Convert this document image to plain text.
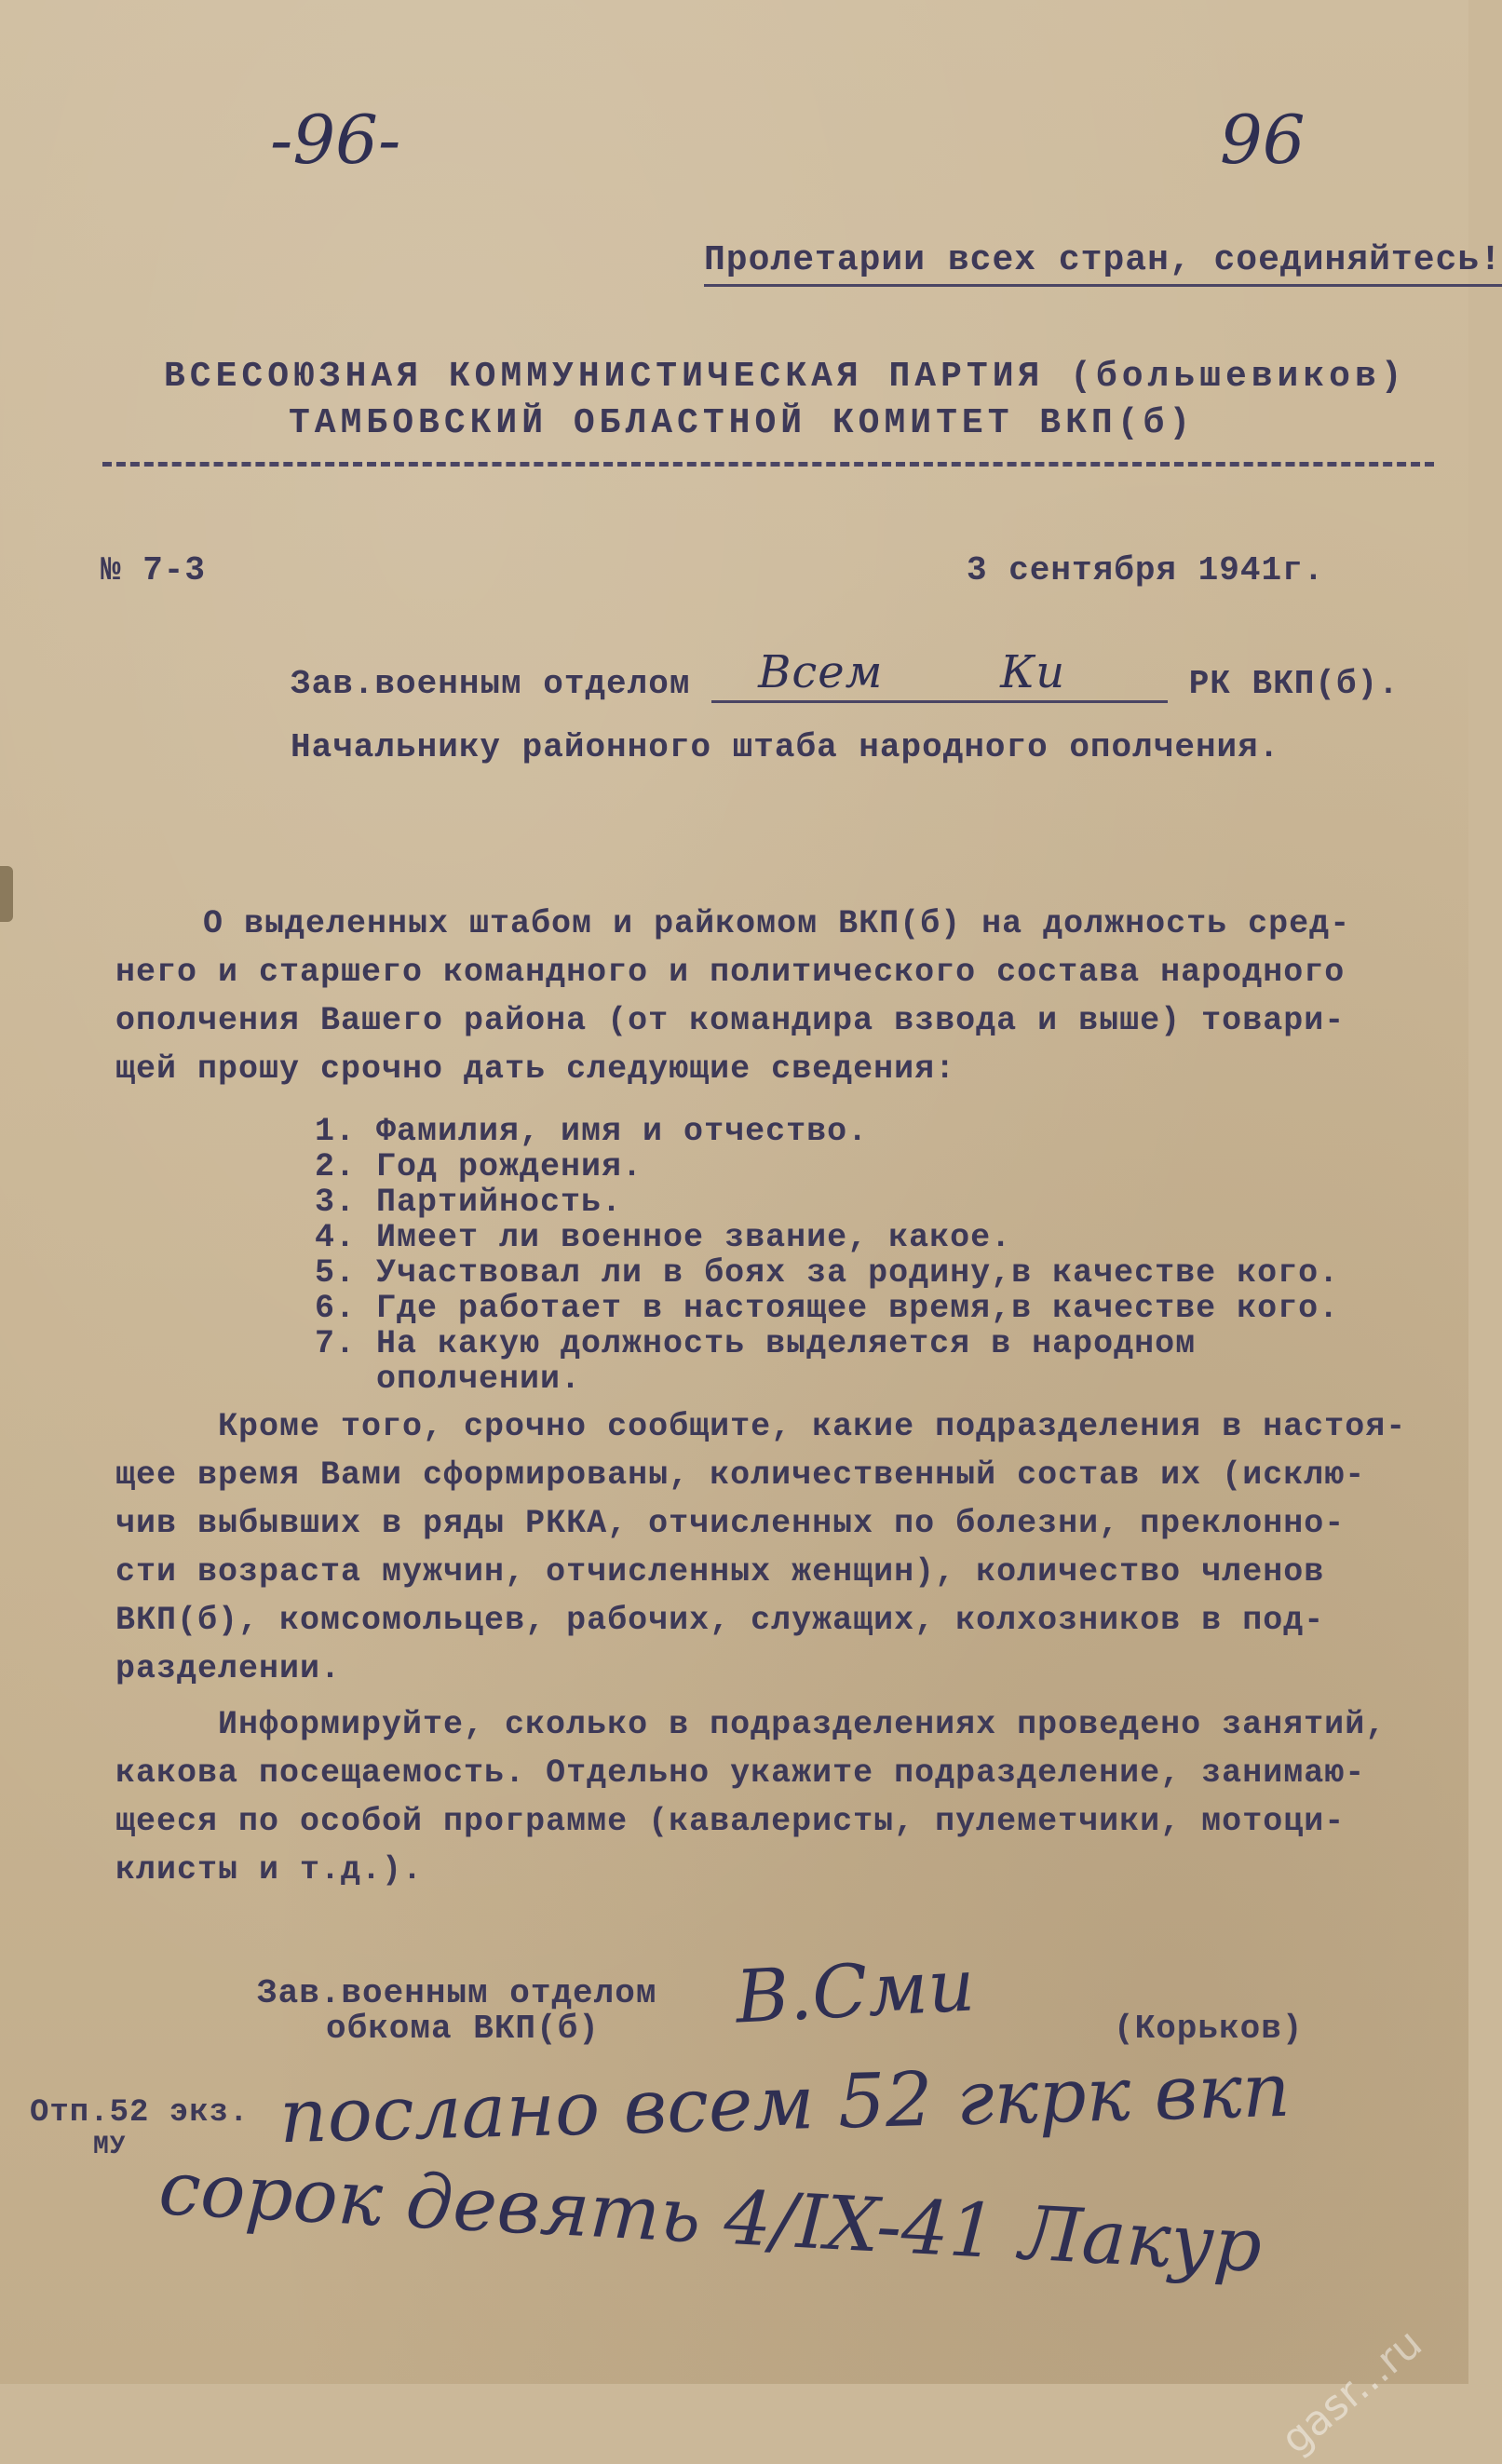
-96-	96
Пролетарии всех стран, соединяйтесь!
ВСЕСОЮЗНАЯ КОММУНИСТИЧЕСКАЯ ПАРТИЯ (большевиков)
ТАМБОВСКИЙ ОБЛАСТНОЙ КОМИТЕТ ВКП(б)
№ 7-3	3 сентября 1941г.
Зав.военным отделом Всем	Ки	РК ВКП(б).
Начальнику районного штаба народного ополчения.
О выделенных штабом и райкомом ВКП(б) на должность сред-
него и старшего командного и политического состава народного
ополчения Вашего района (от командира взвода и выше) товари-
щей прошу срочно дать следующие сведения:
1. Фамилия, имя и отчество.
2. Год рождения.
3. Партийность.
4. Имеет ли военное звание, какое.
5. Участвовал ли в боях за родину,в качестве кого.
6. Где работает в настоящее время,в качестве кого.
7. На какую должность выделяется в народном
ополчении.
Кроме того, срочно сообщите, какие подразделения в настоя-
щее время Вами сформированы, количественный состав их (исклю-
чив выбывших в ряды РККА, отчисленных по болезни, преклонно-
сти возраста мужчин, отчисленных женщин), количество членов
ВКП(б), комсомольцев, рабочих, служащих, колхозников в под-
разделении.
Информируйте, сколько в подразделениях проведено занятий,
какова посещаемость. Отдельно укажите подразделение, занимаю-
щееся по особой программе (кавалеристы, пулеметчики, мотоци-
клисты и т.д.).
Зав.военным отделом
обкома ВКП(б) В.Сми	(Корьков)
Отп.52 экз.
МУ послано всем 52 гкрк вкп
сорок девять 4/IX-41 Лакур
gasr...ru
